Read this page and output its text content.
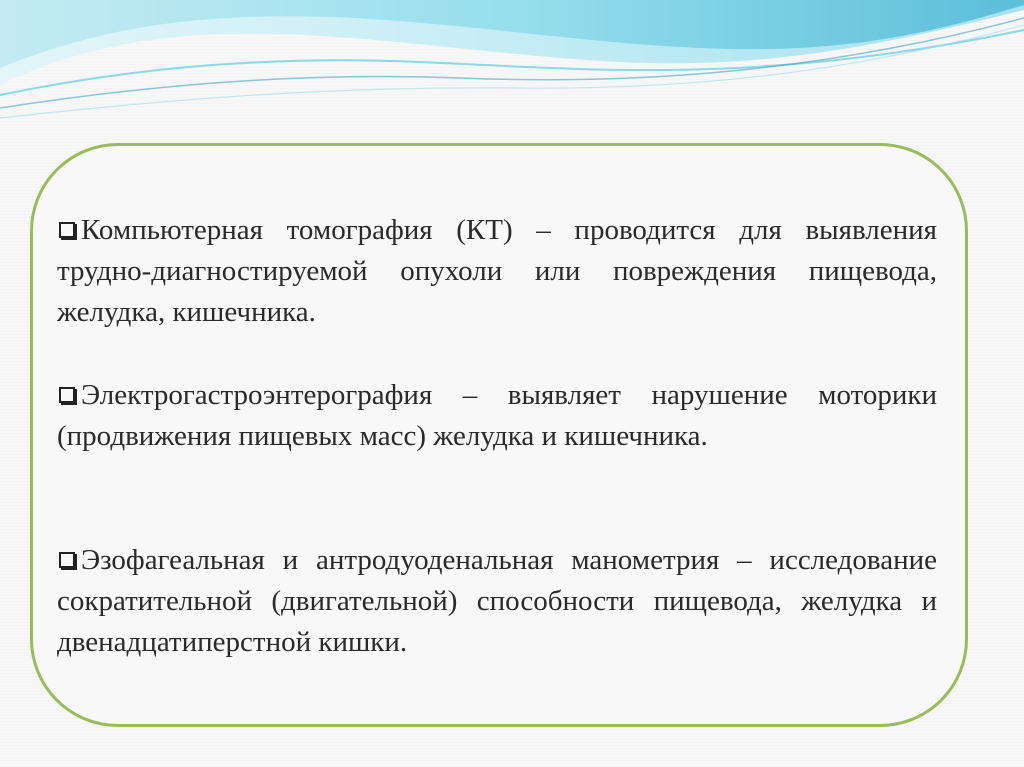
Компьютерная томография (КТ) – проводится для выявления трудно-диагностируемой опухоли или повреждения пищевода, желудка, кишечника.

Электрогастроэнтерография – выявляет нарушение моторики (продвижения пищевых масс) желудка и кишечника.

Эзофагеальная и антродуоденальная манометрия – исследование сократительной (двигательной) способности пищевода, желудка и двенадцатиперстной кишки.
